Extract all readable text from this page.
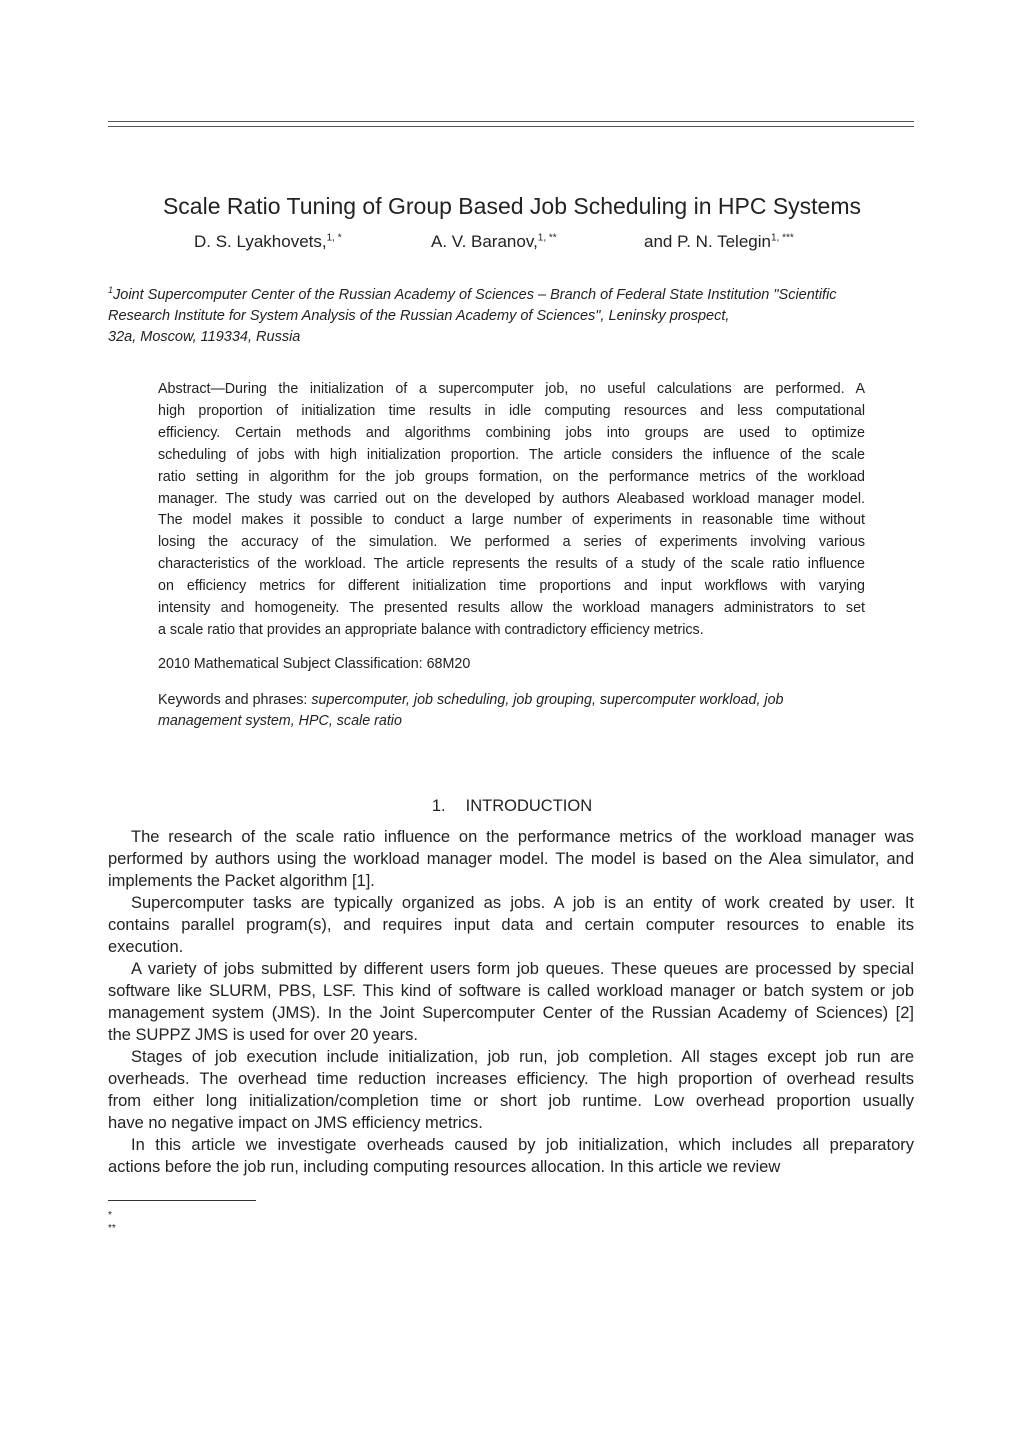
Scale Ratio Tuning of Group Based Job Scheduling in HPC Systems
D. S. Lyakhovets,$^{1, *}$	A. V. Baranov,$^{1, **}$	and P. N. Telegin$^{1, ***}$
$^1$Joint Supercomputer Center of the Russian Academy of Sciences – Branch of Federal State Institution "Scientific
Research Institute for System Analysis of the Russian Academy of Sciences", Leninsky prospect,
32a, Moscow, 119334, Russia
Abstract—During the initialization of a supercomputer job, no useful calculations are performed. A
high proportion of initialization time results in idle computing resources and less computational
efficiency. Certain methods and algorithms combining jobs into groups are used to optimize
scheduling of jobs with high initialization proportion. The article considers the influence of the scale
ratio setting in algorithm for the job groups formation, on the performance metrics of the workload
manager. The study was carried out on the developed by authors Aleabased workload manager model.
The model makes it possible to conduct a large number of experiments in reasonable time without
losing the accuracy of the simulation. We performed a series of experiments involving various
characteristics of the workload. The article represents the results of a study of the scale ratio influence
on efficiency metrics for different initialization time proportions and input workflows with varying
intensity and homogeneity. The presented results allow the workload managers administrators to set
a scale ratio that provides an appropriate balance with contradictory efficiency metrics.
2010 Mathematical Subject Classification: 68M20
Keywords and phrases: supercomputer, job scheduling, job grouping, supercomputer workload, job
management system, HPC, scale ratio
1. INTRODUCTION
The research of the scale ratio influence on the performance metrics of the workload manager was
performed by authors using the workload manager model. The model is based on the Alea simulator, and
implements the Packet algorithm [1].
Supercomputer tasks are typically organized as jobs. A job is an entity of work created by user. It
contains parallel program(s), and requires input data and certain computer resources to enable its
execution.
A variety of jobs submitted by different users form job queues. These queues are processed by special
software like SLURM, PBS, LSF. This kind of software is called workload manager or batch system or job
management system (JMS). In the Joint Supercomputer Center of the Russian Academy of Sciences) [2]
the SUPPZ JMS is used for over 20 years.
Stages of job execution include initialization, job run, job completion. All stages except job run are
overheads. The overhead time reduction increases efficiency. The high proportion of overhead results
from either long initialization/completion time or short job runtime. Low overhead proportion usually
have no negative impact on JMS efficiency metrics.
In this article we investigate overheads caused by job initialization, which includes all preparatory
actions before the job run, including computing resources allocation. In this article we review
*
**
